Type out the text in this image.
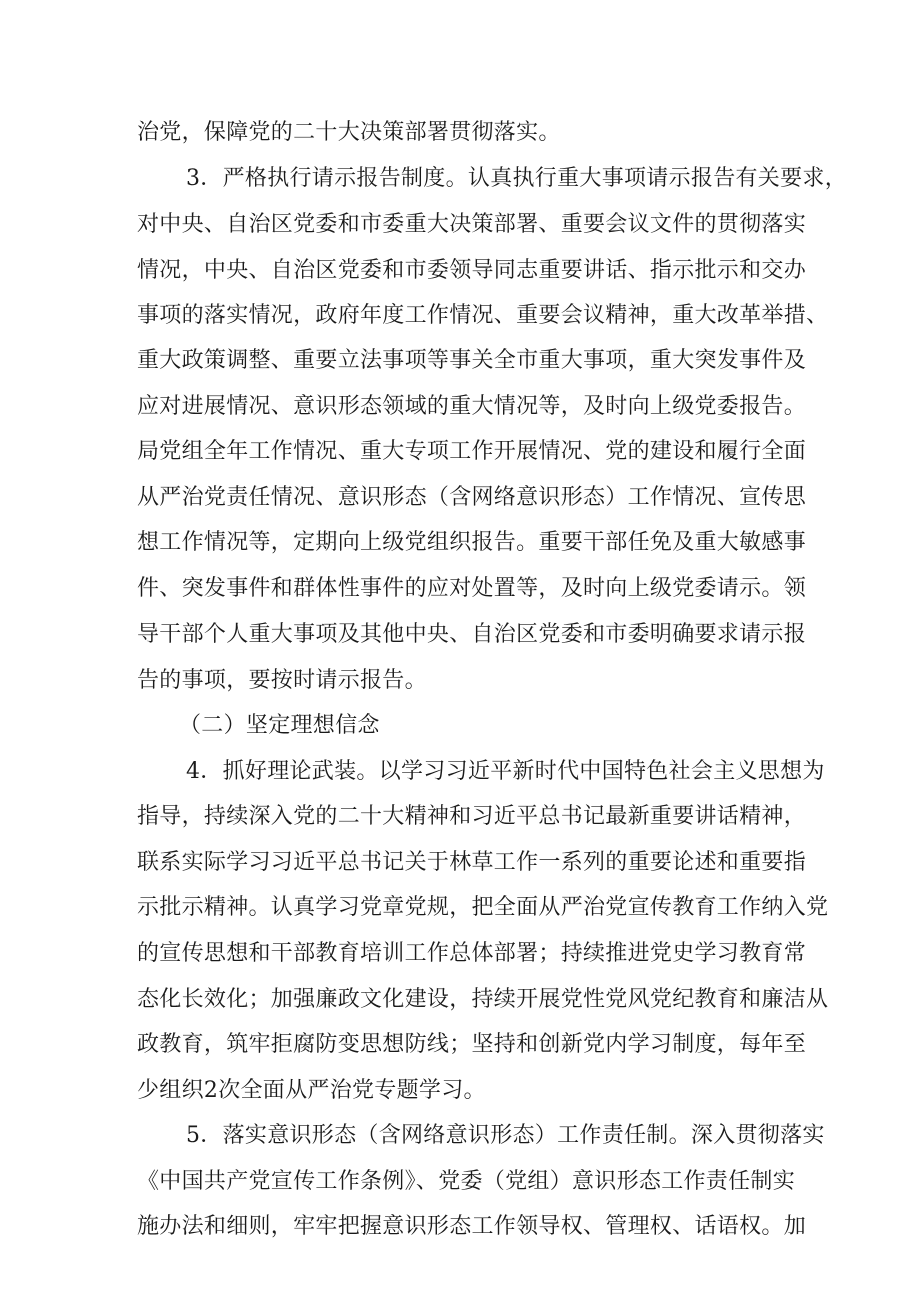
治党，保障党的二十大决策部署贯彻落实。
3．严格执行请示报告制度。认真执行重大事项请示报告有关要求，
对中央、自治区党委和市委重大决策部署、重要会议文件的贯彻落实
情况，中央、自治区党委和市委领导同志重要讲话、指示批示和交办
事项的落实情况，政府年度工作情况、重要会议精神，重大改革举措、
重大政策调整、重要立法事项等事关全市重大事项，重大突发事件及
应对进展情况、意识形态领域的重大情况等，及时向上级党委报告。
局党组全年工作情况、重大专项工作开展情况、党的建设和履行全面
从严治党责任情况、意识形态（含网络意识形态）工作情况、宣传思
想工作情况等，定期向上级党组织报告。重要干部任免及重大敏感事
件、突发事件和群体性事件的应对处置等，及时向上级党委请示。领
导干部个人重大事项及其他中央、自治区党委和市委明确要求请示报
告的事项，要按时请示报告。
（二）坚定理想信念
4．抓好理论武装。以学习习近平新时代中国特色社会主义思想为
指导，持续深入党的二十大精神和习近平总书记最新重要讲话精神，
联系实际学习习近平总书记关于林草工作一系列的重要论述和重要指
示批示精神。认真学习党章党规，把全面从严治党宣传教育工作纳入党
的宣传思想和干部教育培训工作总体部署；持续推进党史学习教育常
态化长效化；加强廉政文化建设，持续开展党性党风党纪教育和廉洁从
政教育，筑牢拒腐防变思想防线；坚持和创新党内学习制度，每年至
少组织2次全面从严治党专题学习。
5．落实意识形态（含网络意识形态）工作责任制。深入贯彻落实
《中国共产党宣传工作条例》、党委（党组）意识形态工作责任制实
施办法和细则，牢牢把握意识形态工作领导权、管理权、话语权。加
